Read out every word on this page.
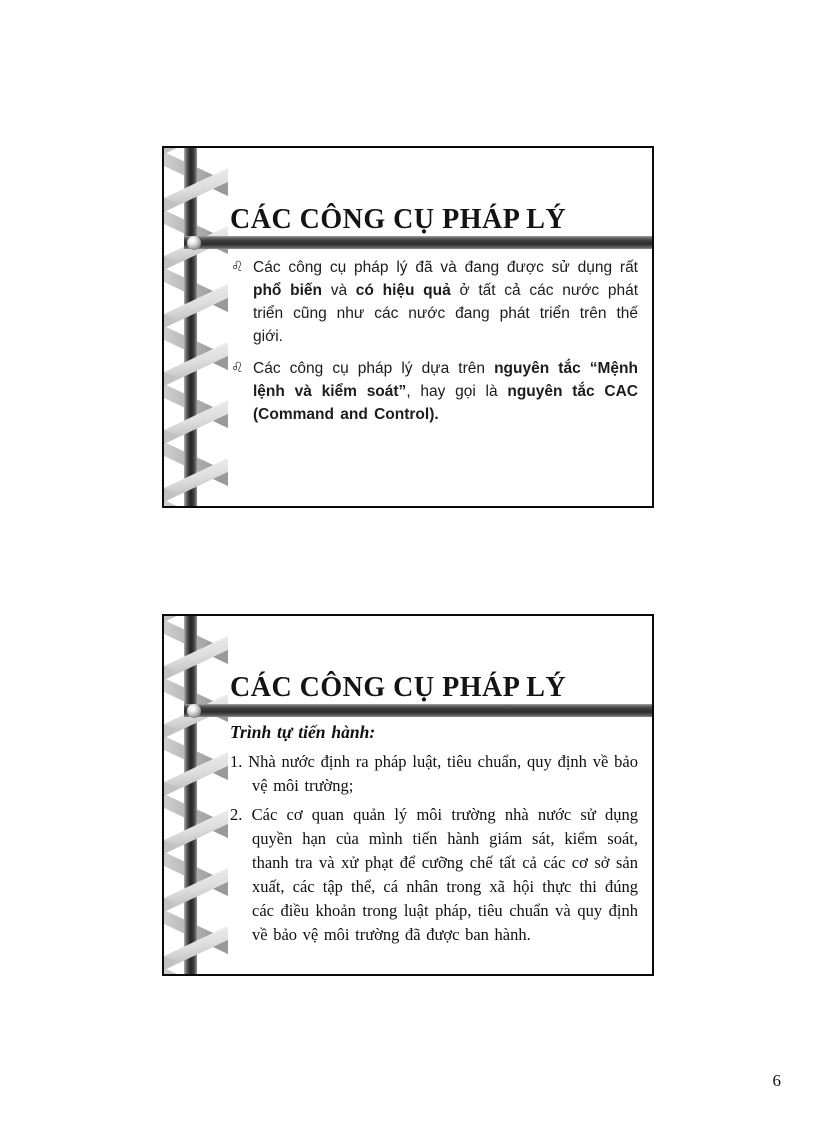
CÁC CÔNG CỤ PHÁP LÝ
♌ Các công cụ pháp lý đã và đang được sử dụng rất phổ biến và có hiệu quả ở tất cả các nước phát triển cũng như các nước đang phát triển trên thế giới.
♌ Các công cụ pháp lý dựa trên nguyên tắc “Mệnh lệnh và kiểm soát”, hay gọi là nguyên tắc CAC (Command and Control).
CÁC CÔNG CỤ PHÁP LÝ

Trình tự tiến hành:

1. Nhà nước định ra pháp luật, tiêu chuẩn, quy định về bảo vệ môi trường;
2. Các cơ quan quản lý môi trường nhà nước sử dụng quyền hạn của mình tiến hành giám sát, kiểm soát, thanh tra và xử phạt để cưỡng chế tất cả các cơ sở sản xuất, các tập thể, cá nhân trong xã hội thực thi đúng các điều khoản trong luật pháp, tiêu chuẩn và quy định về bảo vệ môi trường đã được ban hành.
6
